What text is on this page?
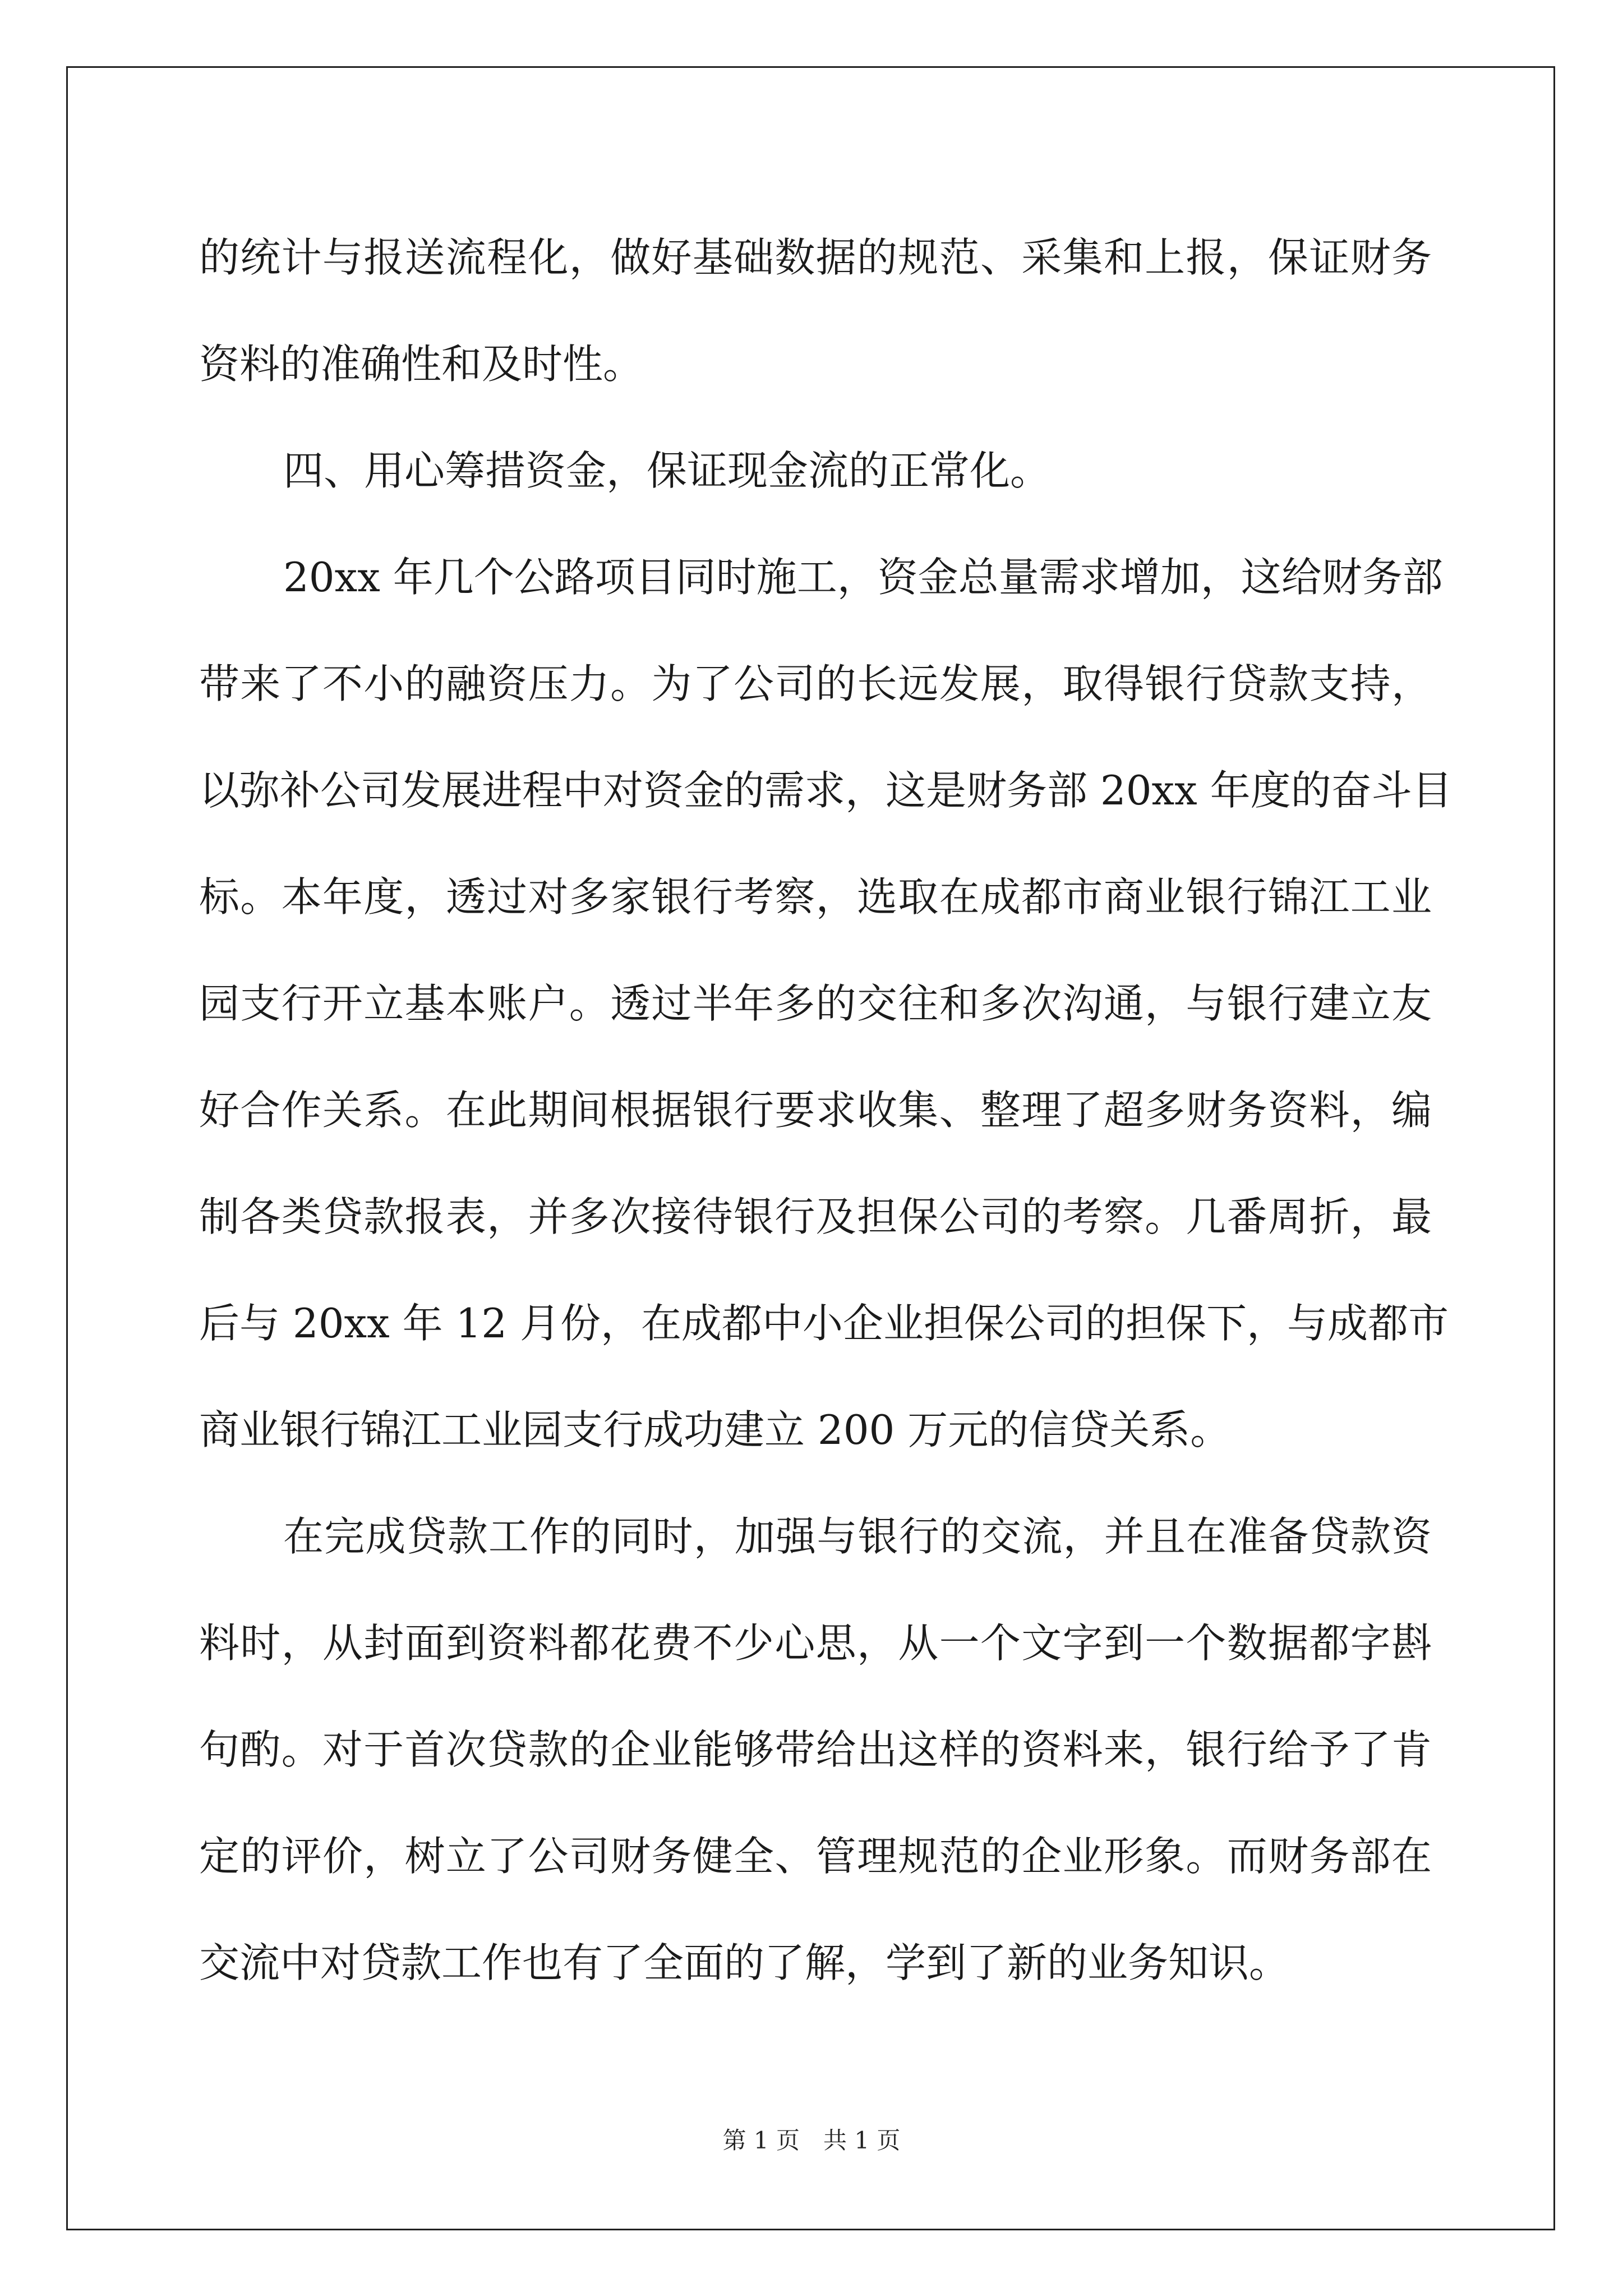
的统计与报送流程化，做好基础数据的规范、采集和上报，保证财务
资料的准确性和及时性。
四、用心筹措资金，保证现金流的正常化。
20xx 年几个公路项目同时施工，资金总量需求增加，这给财务部
带来了不小的融资压力。为了公司的长远发展，取得银行贷款支持，
以弥补公司发展进程中对资金的需求，这是财务部 20xx 年度的奋斗目
标。本年度，透过对多家银行考察，选取在成都市商业银行锦江工业
园支行开立基本账户。透过半年多的交往和多次沟通，与银行建立友
好合作关系。在此期间根据银行要求收集、整理了超多财务资料，编
制各类贷款报表，并多次接待银行及担保公司的考察。几番周折，最
后与 20xx 年 12 月份，在成都中小企业担保公司的担保下，与成都市
商业银行锦江工业园支行成功建立 200 万元的信贷关系。
在完成贷款工作的同时，加强与银行的交流，并且在准备贷款资
料时，从封面到资料都花费不少心思，从一个文字到一个数据都字斟
句酌。对于首次贷款的企业能够带给出这样的资料来，银行给予了肯
定的评价，树立了公司财务健全、管理规范的企业形象。而财务部在
交流中对贷款工作也有了全面的了解，学到了新的业务知识。
第 1 页　共 1 页
